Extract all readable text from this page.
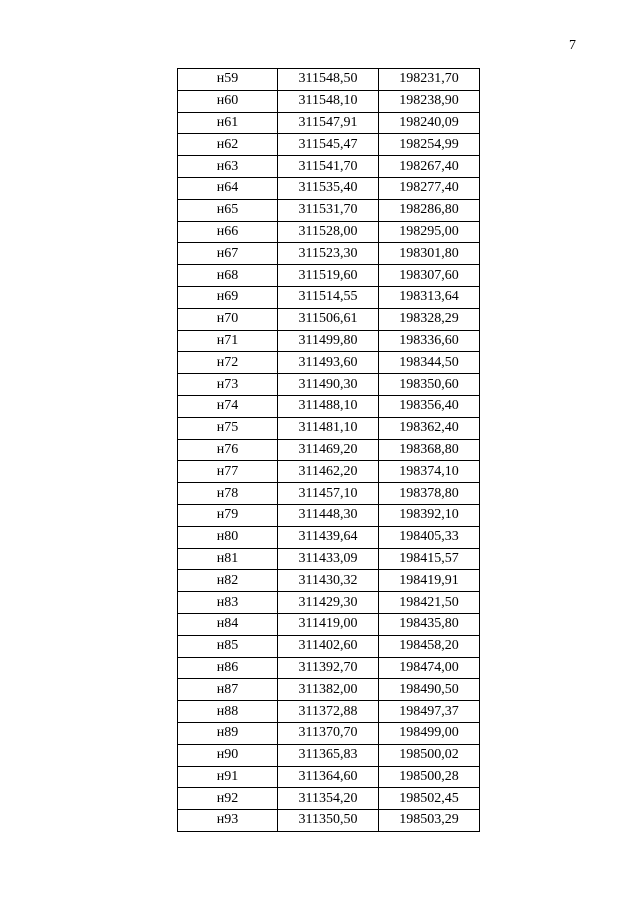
7
н59	311548,50	198231,70
н60	311548,10	198238,90
н61	311547,91	198240,09
н62	311545,47	198254,99
н63	311541,70	198267,40
н64	311535,40	198277,40
н65	311531,70	198286,80
н66	311528,00	198295,00
н67	311523,30	198301,80
н68	311519,60	198307,60
н69	311514,55	198313,64
н70	311506,61	198328,29
н71	311499,80	198336,60
н72	311493,60	198344,50
н73	311490,30	198350,60
н74	311488,10	198356,40
н75	311481,10	198362,40
н76	311469,20	198368,80
н77	311462,20	198374,10
н78	311457,10	198378,80
н79	311448,30	198392,10
н80	311439,64	198405,33
н81	311433,09	198415,57
н82	311430,32	198419,91
н83	311429,30	198421,50
н84	311419,00	198435,80
н85	311402,60	198458,20
н86	311392,70	198474,00
н87	311382,00	198490,50
н88	311372,88	198497,37
н89	311370,70	198499,00
н90	311365,83	198500,02
н91	311364,60	198500,28
н92	311354,20	198502,45
н93	311350,50	198503,29
